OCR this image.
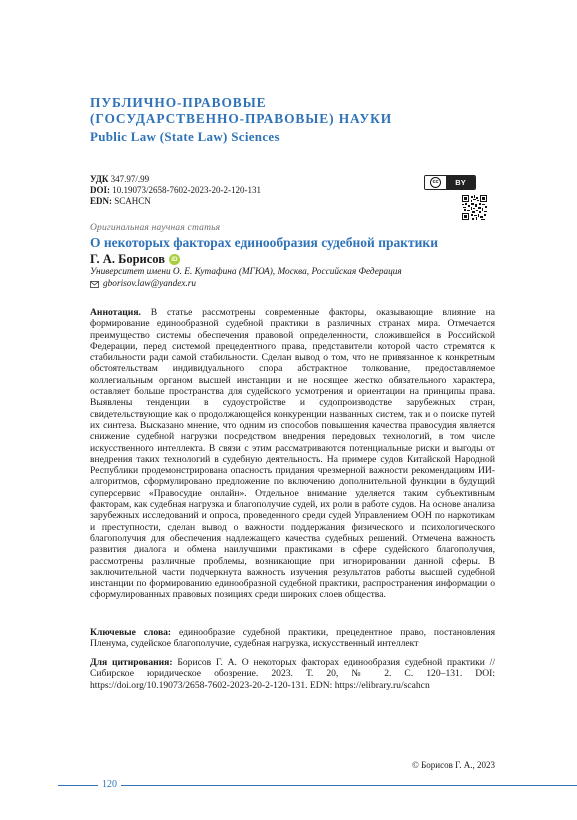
ПУБЛИЧНО-ПРАВОВЫЕ
(ГОСУДАРСТВЕННО-ПРАВОВЫЕ) НАУКИ
Public Law (State Law) Sciences
УДК 347.97/.99
DOI: 10.19073/2658-7602-2023-20-2-120-131
EDN: SCAHCN
cc	BY
Оригинальная научная статья
О некоторых факторах единообразия судебной практики
Г. А. Борисов iD
Университет имени О. Е. Кутафина (МГЮА), Москва, Российская Федерация
gborisov.law@yandex.ru
Аннотация. В статье рассмотрены современные факторы, оказывающие влияние на формирование единообразной судебной практики в различных странах мира. Отмечается преимущество системы обеспечения правовой определенности, сложившейся в Российской Федерации, перед системой прецедентного права, представители которой часто стремятся к стабильности ради самой стабильности. Сделан вывод о том, что не привязанное к конкретным обстоятельствам индивидуального спора абстрактное толкование, предоставляемое коллегиальным органом высшей инстанции и не носящее жестко обязательного характера, оставляет больше пространства для судейского усмотрения и ориентации на принципы права. Выявлены тенденции в судоустройстве и судопроизводстве зарубежных стран, свидетельствующие как о продолжающейся конкуренции названных систем, так и о поиске путей их синтеза. Высказано мнение, что одним из способов повышения качества правосудия является снижение судебной нагрузки посредством внедрения передовых технологий, в том числе искусственного интеллекта. В связи с этим рассматриваются потенциальные риски и выгоды от внедрения таких технологий в судебную деятельность. На примере судов Китайской Народной Республики продемонстрирована опасность придания чрезмерной важности рекомендациям ИИ-алгоритмов, сформулировано предложение по включению дополнительной функции в будущий суперсервис «Правосудие онлайн». Отдельное внимание уделяется таким субъективным факторам, как судебная нагрузка и благополучие судей, их роли в работе судов. На основе анализа зарубежных исследований и опроса, проведенного среди судей Управлением ООН по наркотикам и преступности, сделан вывод о важности поддержания физического и психологического благополучия для обеспечения надлежащего качества судебных решений. Отмечена важность развития диалога и обмена наилучшими практиками в сфере судейского благополучия, рассмотрены различные проблемы, возникающие при игнорировании данной сферы. В заключительной части подчеркнута важность изучения результатов работы высшей судебной инстанции по формированию единообразной судебной практики, распространения информации о сформулированных правовых позициях среди широких слоев общества.
Ключевые слова: единообразие судебной практики, прецедентное право, постановления Пленума, судейское благополучие, судебная нагрузка, искусственный интеллект
Для цитирования: Борисов Г. А. О некоторых факторах единообразия судебной практики // Сибирское юридическое обозрение. 2023. Т. 20, № 2. С. 120–131. DOI: https://doi.org/10.19073/2658-7602-2023-20-2-120-131. EDN: https://elibrary.ru/scahcn
© Борисов Г. А., 2023
120
